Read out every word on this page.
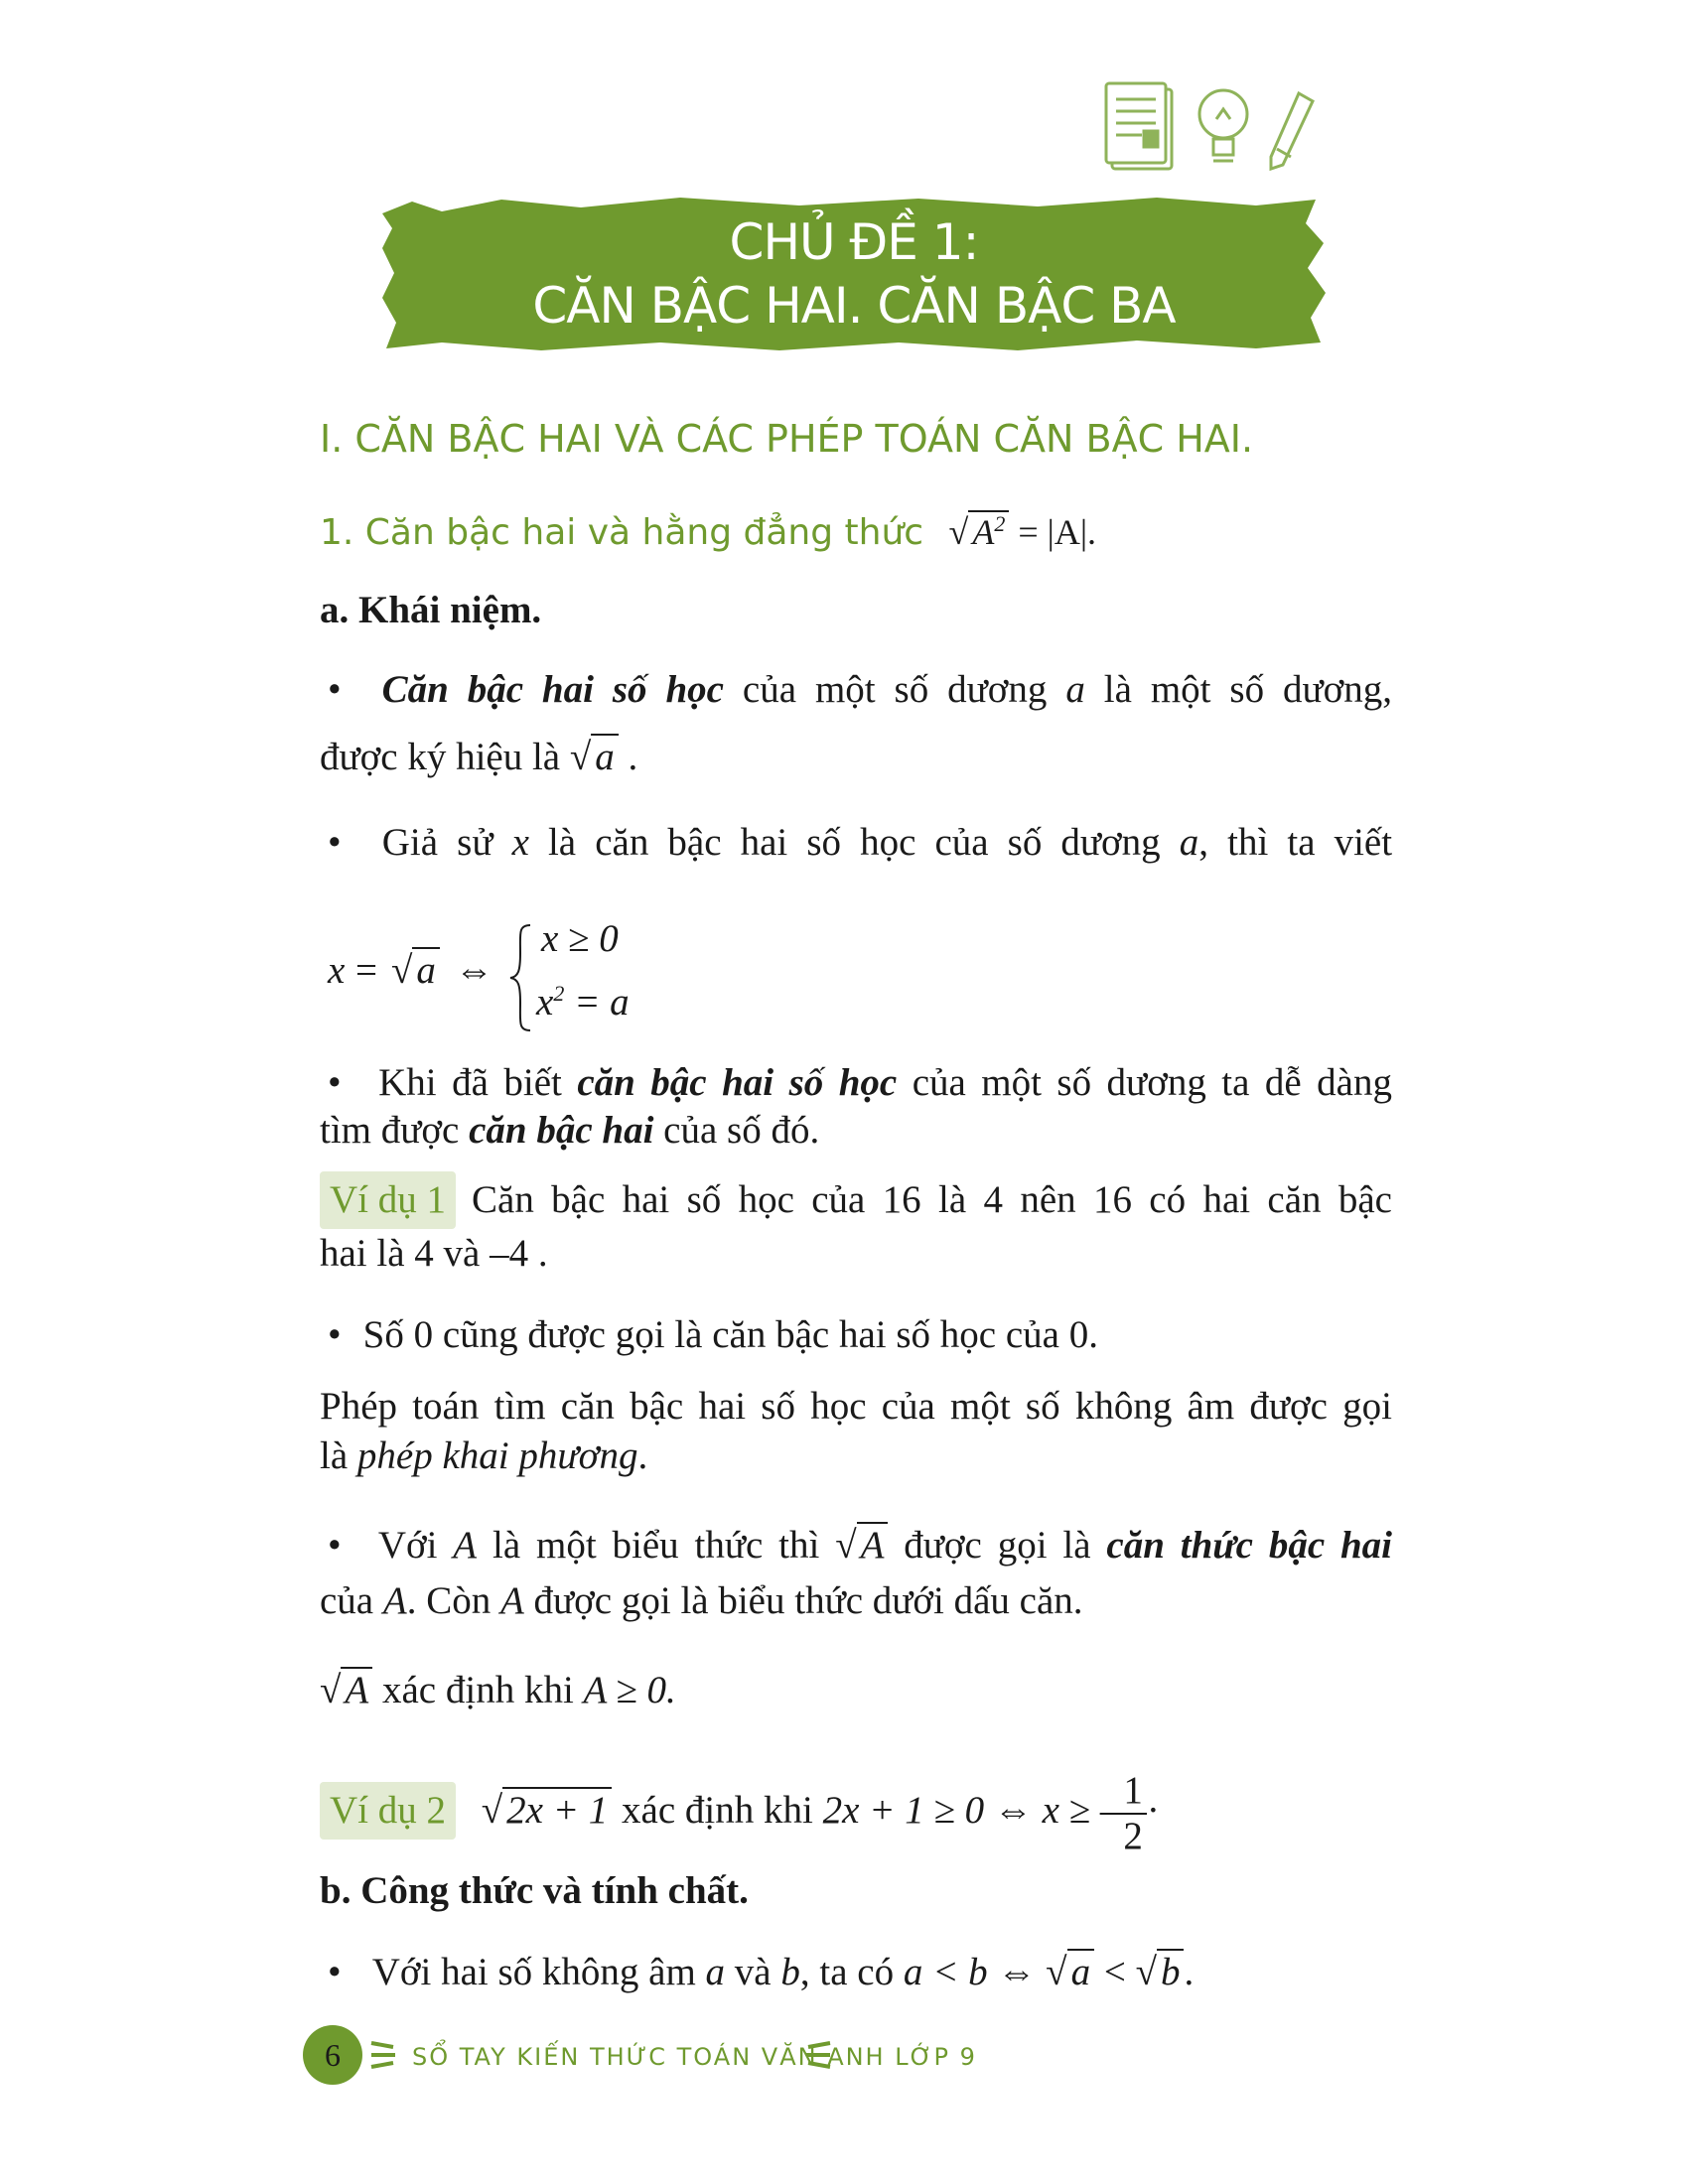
CHỦ ĐỀ 1:
CĂN BẬC HAI. CĂN BẬC BA
I. CĂN BẬC HAI VÀ CÁC PHÉP TOÁN CĂN BẬC HAI.
1. Căn bậc hai và hằng đẳng thức √ $A^2 = |A|$.
a. Khái niệm.
• Căn bậc hai số học của một số dương a là một số dương,
được ký hiệu là √ a .
• Giả sử x là căn bậc hai số học của số dương a, thì ta viết
x = √ a ⇔
x ≥ 0
$x^2 = a$
• Khi đã biết căn bậc hai số học của một số dương ta dễ dàng
tìm được căn bậc hai của số đó.
Ví dụ 1 Căn bậc hai số học của 16 là 4 nên 16 có hai căn bậc
hai là 4 và –4 .
• Số 0 cũng được gọi là căn bậc hai số học của 0.
Phép toán tìm căn bậc hai số học của một số không âm được gọi
là phép khai phương.
• Với A là một biểu thức thì √ A được gọi là căn thức bậc hai
của A. Còn A được gọi là biểu thức dưới dấu căn.
√ A xác định khi A ≥ 0.
Ví dụ 2 √ 2x + 1 xác định khi 2x + 1 ≥ 0 ⇔ x ≥ – $\frac{1}{2}$ ·
b. Công thức và tính chất.
• Với hai số không âm a và b, ta có a < b ⇔ √ a < √ b .
6	SỔ TAY KIẾN THỨC TOÁN VĂN ANH LỚP 9
